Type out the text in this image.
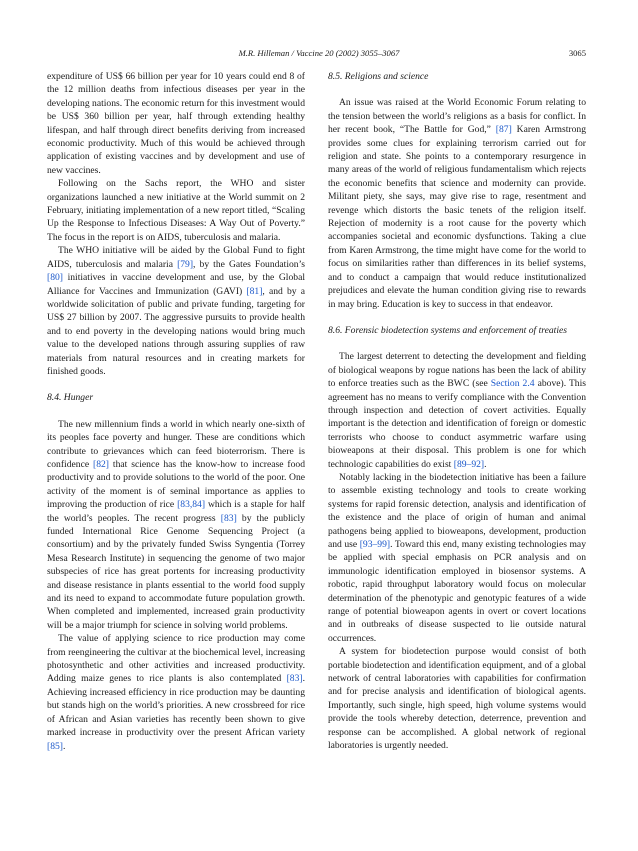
M.R. Hilleman / Vaccine 20 (2002) 3055–3067	3065

expenditure of US$ 66 billion per year for 10 years could end 8 of the 12 million deaths from infectious diseases per year in the developing nations. The economic return for this investment would be US$ 360 billion per year, half through extending healthy lifespan, and half through direct benefits deriving from increased economic productivity. Much of this would be achieved through application of existing vaccines and by development and use of new vaccines.

Following on the Sachs report, the WHO and sister organizations launched a new initiative at the World summit on 2 February, initiating implementation of a new report titled, “Scaling Up the Response to Infectious Diseases: A Way Out of Poverty.” The focus in the report is on AIDS, tuberculosis and malaria.

The WHO initiative will be aided by the Global Fund to fight AIDS, tuberculosis and malaria [79], by the Gates Foundation’s [80] initiatives in vaccine development and use, by the Global Alliance for Vaccines and Immunization (GAVI) [81], and by a worldwide solicitation of public and private funding, targeting for US$ 27 billion by 2007. The aggressive pursuits to provide health and to end poverty in the developing nations would bring much value to the developed nations through assuring supplies of raw materials from natural resources and in creating markets for finished goods.

8.4. Hunger

The new millennium finds a world in which nearly one-sixth of its peoples face poverty and hunger. These are conditions which contribute to grievances which can feed bioterrorism. There is confidence [82] that science has the know-how to increase food productivity and to provide solutions to the world of the poor. One activity of the moment is of seminal importance as applies to improving the production of rice [83,84] which is a staple for half the world’s peoples. The recent progress [83] by the publicly funded International Rice Genome Sequencing Project (a consortium) and by the privately funded Swiss Syngentia (Torrey Mesa Research Institute) in sequencing the genome of two major subspecies of rice has great portents for increasing productivity and disease resistance in plants essential to the world food supply and its need to expand to accommodate future population growth. When completed and implemented, increased grain productivity will be a major triumph for science in solving world problems.

The value of applying science to rice production may come from reengineering the cultivar at the biochemical level, increasing photosynthetic and other activities and increased productivity. Adding maize genes to rice plants is also contemplated [83]. Achieving increased efficiency in rice production may be daunting but stands high on the world’s priorities. A new crossbreed for rice of African and Asian varieties has recently been shown to give marked increase in productivity over the present African variety [85].

8.5. Religions and science

An issue was raised at the World Economic Forum relating to the tension between the world’s religions as a basis for conflict. In her recent book, “The Battle for God,” [87] Karen Armstrong provides some clues for explaining terrorism carried out for religion and state. She points to a contemporary resurgence in many areas of the world of religious fundamentalism which rejects the economic benefits that science and modernity can provide. Militant piety, she says, may give rise to rage, resentment and revenge which distorts the basic tenets of the religion itself. Rejection of modernity is a root cause for the poverty which accompanies societal and economic dysfunctions. Taking a clue from Karen Armstrong, the time might have come for the world to focus on similarities rather than differences in its belief systems, and to conduct a campaign that would reduce institutionalized prejudices and elevate the human condition giving rise to rewards in may bring. Education is key to success in that endeavor.

8.6. Forensic biodetection systems and enforcement of treaties

The largest deterrent to detecting the development and fielding of biological weapons by rogue nations has been the lack of ability to enforce treaties such as the BWC (see Section 2.4 above). This agreement has no means to verify compliance with the Convention through inspection and detection of covert activities. Equally important is the detection and identification of foreign or domestic terrorists who choose to conduct asymmetric warfare using bioweapons at their disposal. This problem is one for which technologic capabilities do exist [89–92].

Notably lacking in the biodetection initiative has been a failure to assemble existing technology and tools to create working systems for rapid forensic detection, analysis and identification of the existence and the place of origin of human and animal pathogens being applied to bioweapons, development, production and use [93–99]. Toward this end, many existing technologies may be applied with special emphasis on PCR analysis and on immunologic identification employed in biosensor systems. A robotic, rapid throughput laboratory would focus on molecular determination of the phenotypic and genotypic features of a wide range of potential bioweapon agents in overt or covert locations and in outbreaks of disease suspected to lie outside natural occurrences.

A system for biodetection purpose would consist of both portable biodetection and identification equipment, and of a global network of central laboratories with capabilities for confirmation and for precise analysis and identification of biological agents. Importantly, such single, high speed, high volume systems would provide the tools whereby detection, deterrence, prevention and response can be accomplished. A global network of regional laboratories is urgently needed.
